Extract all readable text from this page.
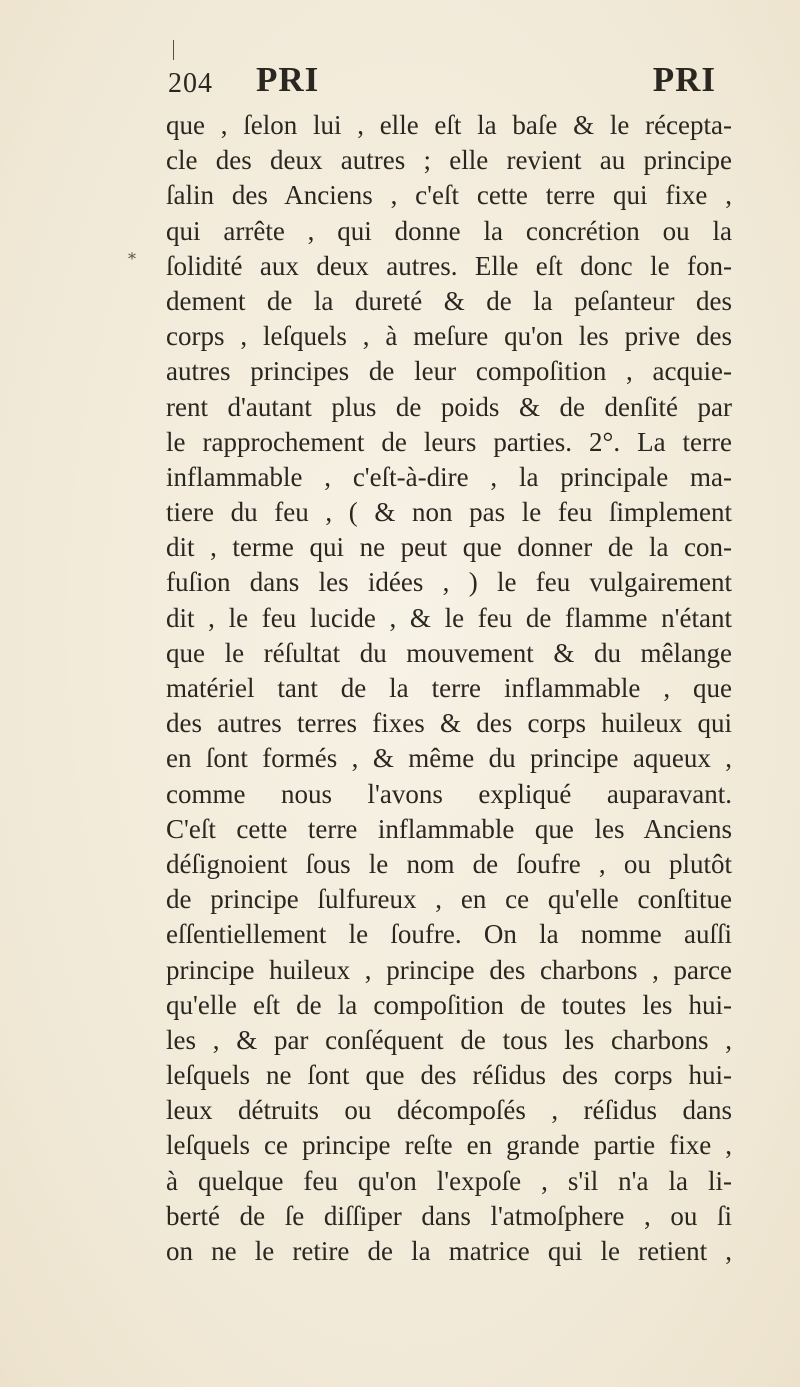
204 PRI	PRI
⁎
que , ſelon lui , elle eſt la baſe & le récepta-
cle des deux autres ; elle revient au principe
ſalin des Anciens , c'eſt cette terre qui fixe ,
qui arrête , qui donne la concrétion ou la
ſolidité aux deux autres. Elle eſt donc le fon-
dement de la dureté & de la peſanteur des
corps , leſquels , à meſure qu'on les prive des
autres principes de leur compoſition , acquie-
rent d'autant plus de poids & de denſité par
le rapprochement de leurs parties. 2°. La terre
inflammable , c'eſt-à-dire , la principale ma-
tiere du feu , ( & non pas le feu ſimplement
dit , terme qui ne peut que donner de la con-
fuſion dans les idées , ) le feu vulgairement
dit , le feu lucide , & le feu de flamme n'étant
que le réſultat du mouvement & du mêlange
matériel tant de la terre inflammable , que
des autres terres fixes & des corps huileux qui
en ſont formés , & même du principe aqueux ,
comme nous l'avons expliqué auparavant.
C'eſt cette terre inflammable que les Anciens
déſignoient ſous le nom de ſoufre , ou plutôt
de principe ſulfureux , en ce qu'elle conſtitue
eſſentiellement le ſoufre. On la nomme auſſi
principe huileux , principe des charbons , parce
qu'elle eſt de la compoſition de toutes les hui-
les , & par conſéquent de tous les charbons ,
leſquels ne ſont que des réſidus des corps hui-
leux détruits ou décompoſés , réſidus dans
leſquels ce principe reſte en grande partie fixe ,
à quelque feu qu'on l'expoſe , s'il n'a la li-
berté de ſe diſſiper dans l'atmoſphere , ou ſi
on ne le retire de la matrice qui le retient ,
